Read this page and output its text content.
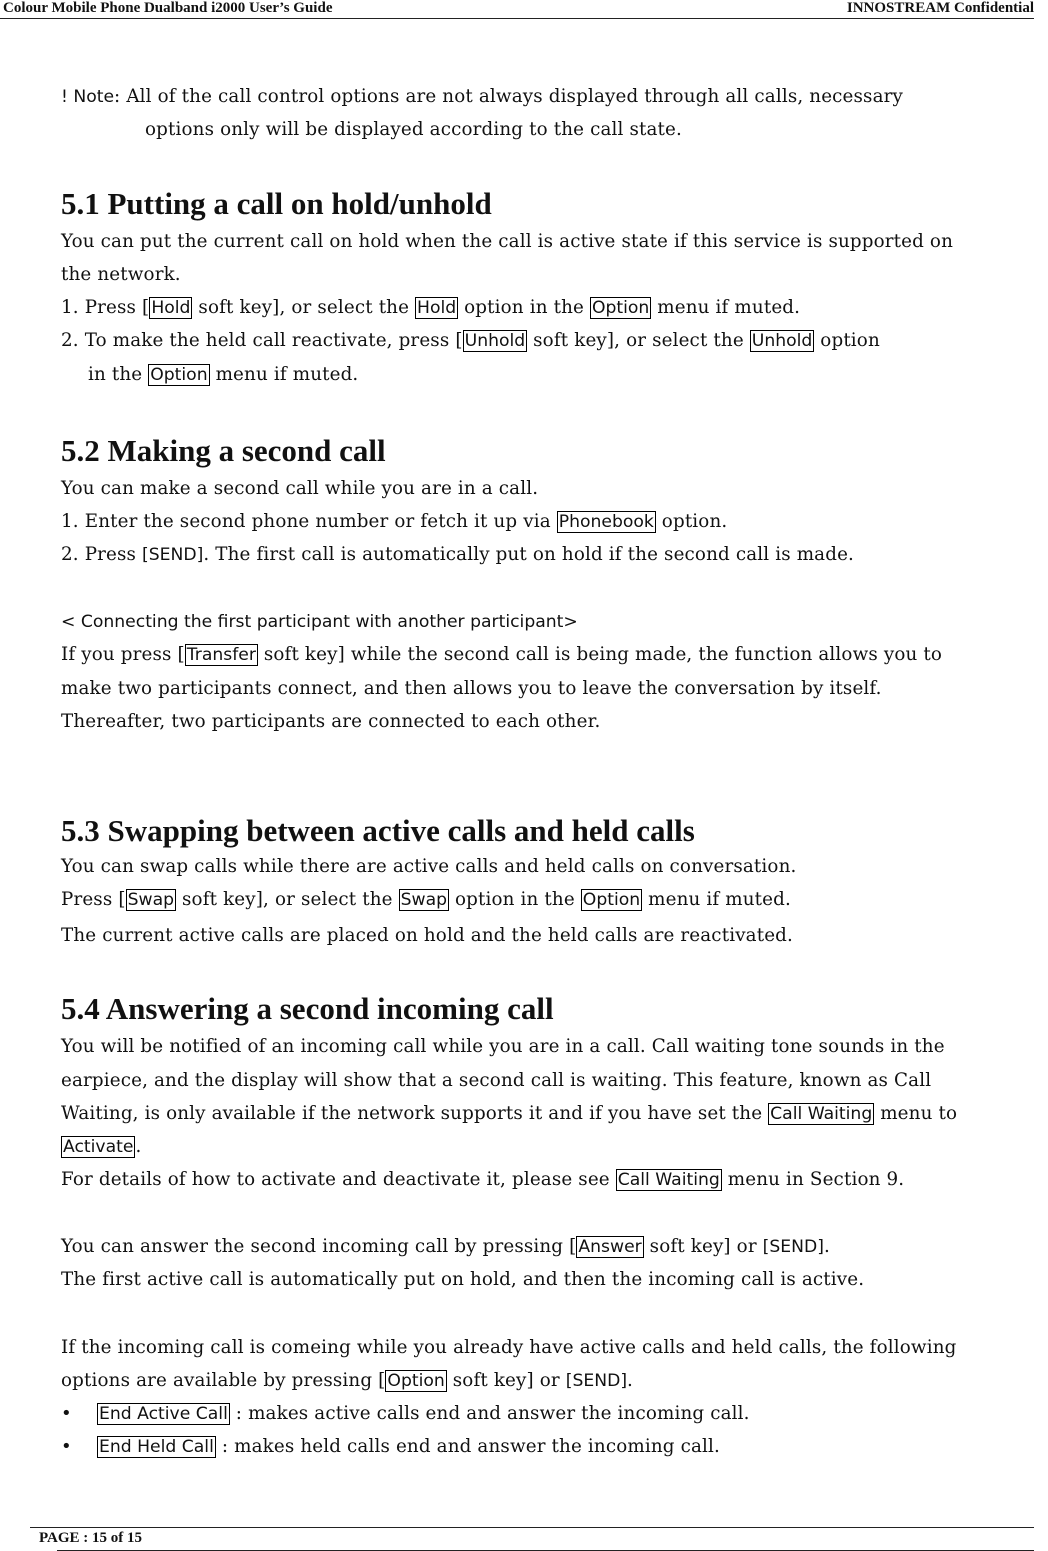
Colour Mobile Phone Dualband i2000 User’s Guide	INNOSTREAM Confidential
! Note: All of the call control options are not always displayed through all calls, necessary
options only will be displayed according to the call state.
5.1 Putting a call on hold/unhold
You can put the current call on hold when the call is active state if this service is supported on
the network.
1. Press [ Hold soft key], or select the Hold option in the Option menu if muted.
2. To make the held call reactivate, press [ Unhold soft key], or select the Unhold option
in the Option menu if muted.
5.2 Making a second call
You can make a second call while you are in a call.
1. Enter the second phone number or fetch it up via Phonebook option.
2. Press [SEND]. The first call is automatically put on hold if the second call is made.
< Connecting the first participant with another participant>
If you press [ Transfer soft key] while the second call is being made, the function allows you to
make two participants connect, and then allows you to leave the conversation by itself.
Thereafter, two participants are connected to each other.
5.3 Swapping between active calls and held calls
You can swap calls while there are active calls and held calls on conversation.
Press [ Swap soft key], or select the Swap option in the Option menu if muted.
The current active calls are placed on hold and the held calls are reactivated.
5.4 Answering a second incoming call
You will be notified of an incoming call while you are in a call. Call waiting tone sounds in the
earpiece, and the display will show that a second call is waiting. This feature, known as Call
Waiting, is only available if the network supports it and if you have set the Call Waiting menu to
Activate .
For details of how to activate and deactivate it, please see Call Waiting menu in Section 9.
You can answer the second incoming call by pressing [ Answer soft key] or [SEND].
The first active call is automatically put on hold, and then the incoming call is active.
If the incoming call is comeing while you already have active calls and held calls, the following
options are available by pressing [ Option soft key] or [SEND].
• End Active Call : makes active calls end and answer the incoming call.
• End Held Call : makes held calls end and answer the incoming call.
PAGE : 15 of 15
